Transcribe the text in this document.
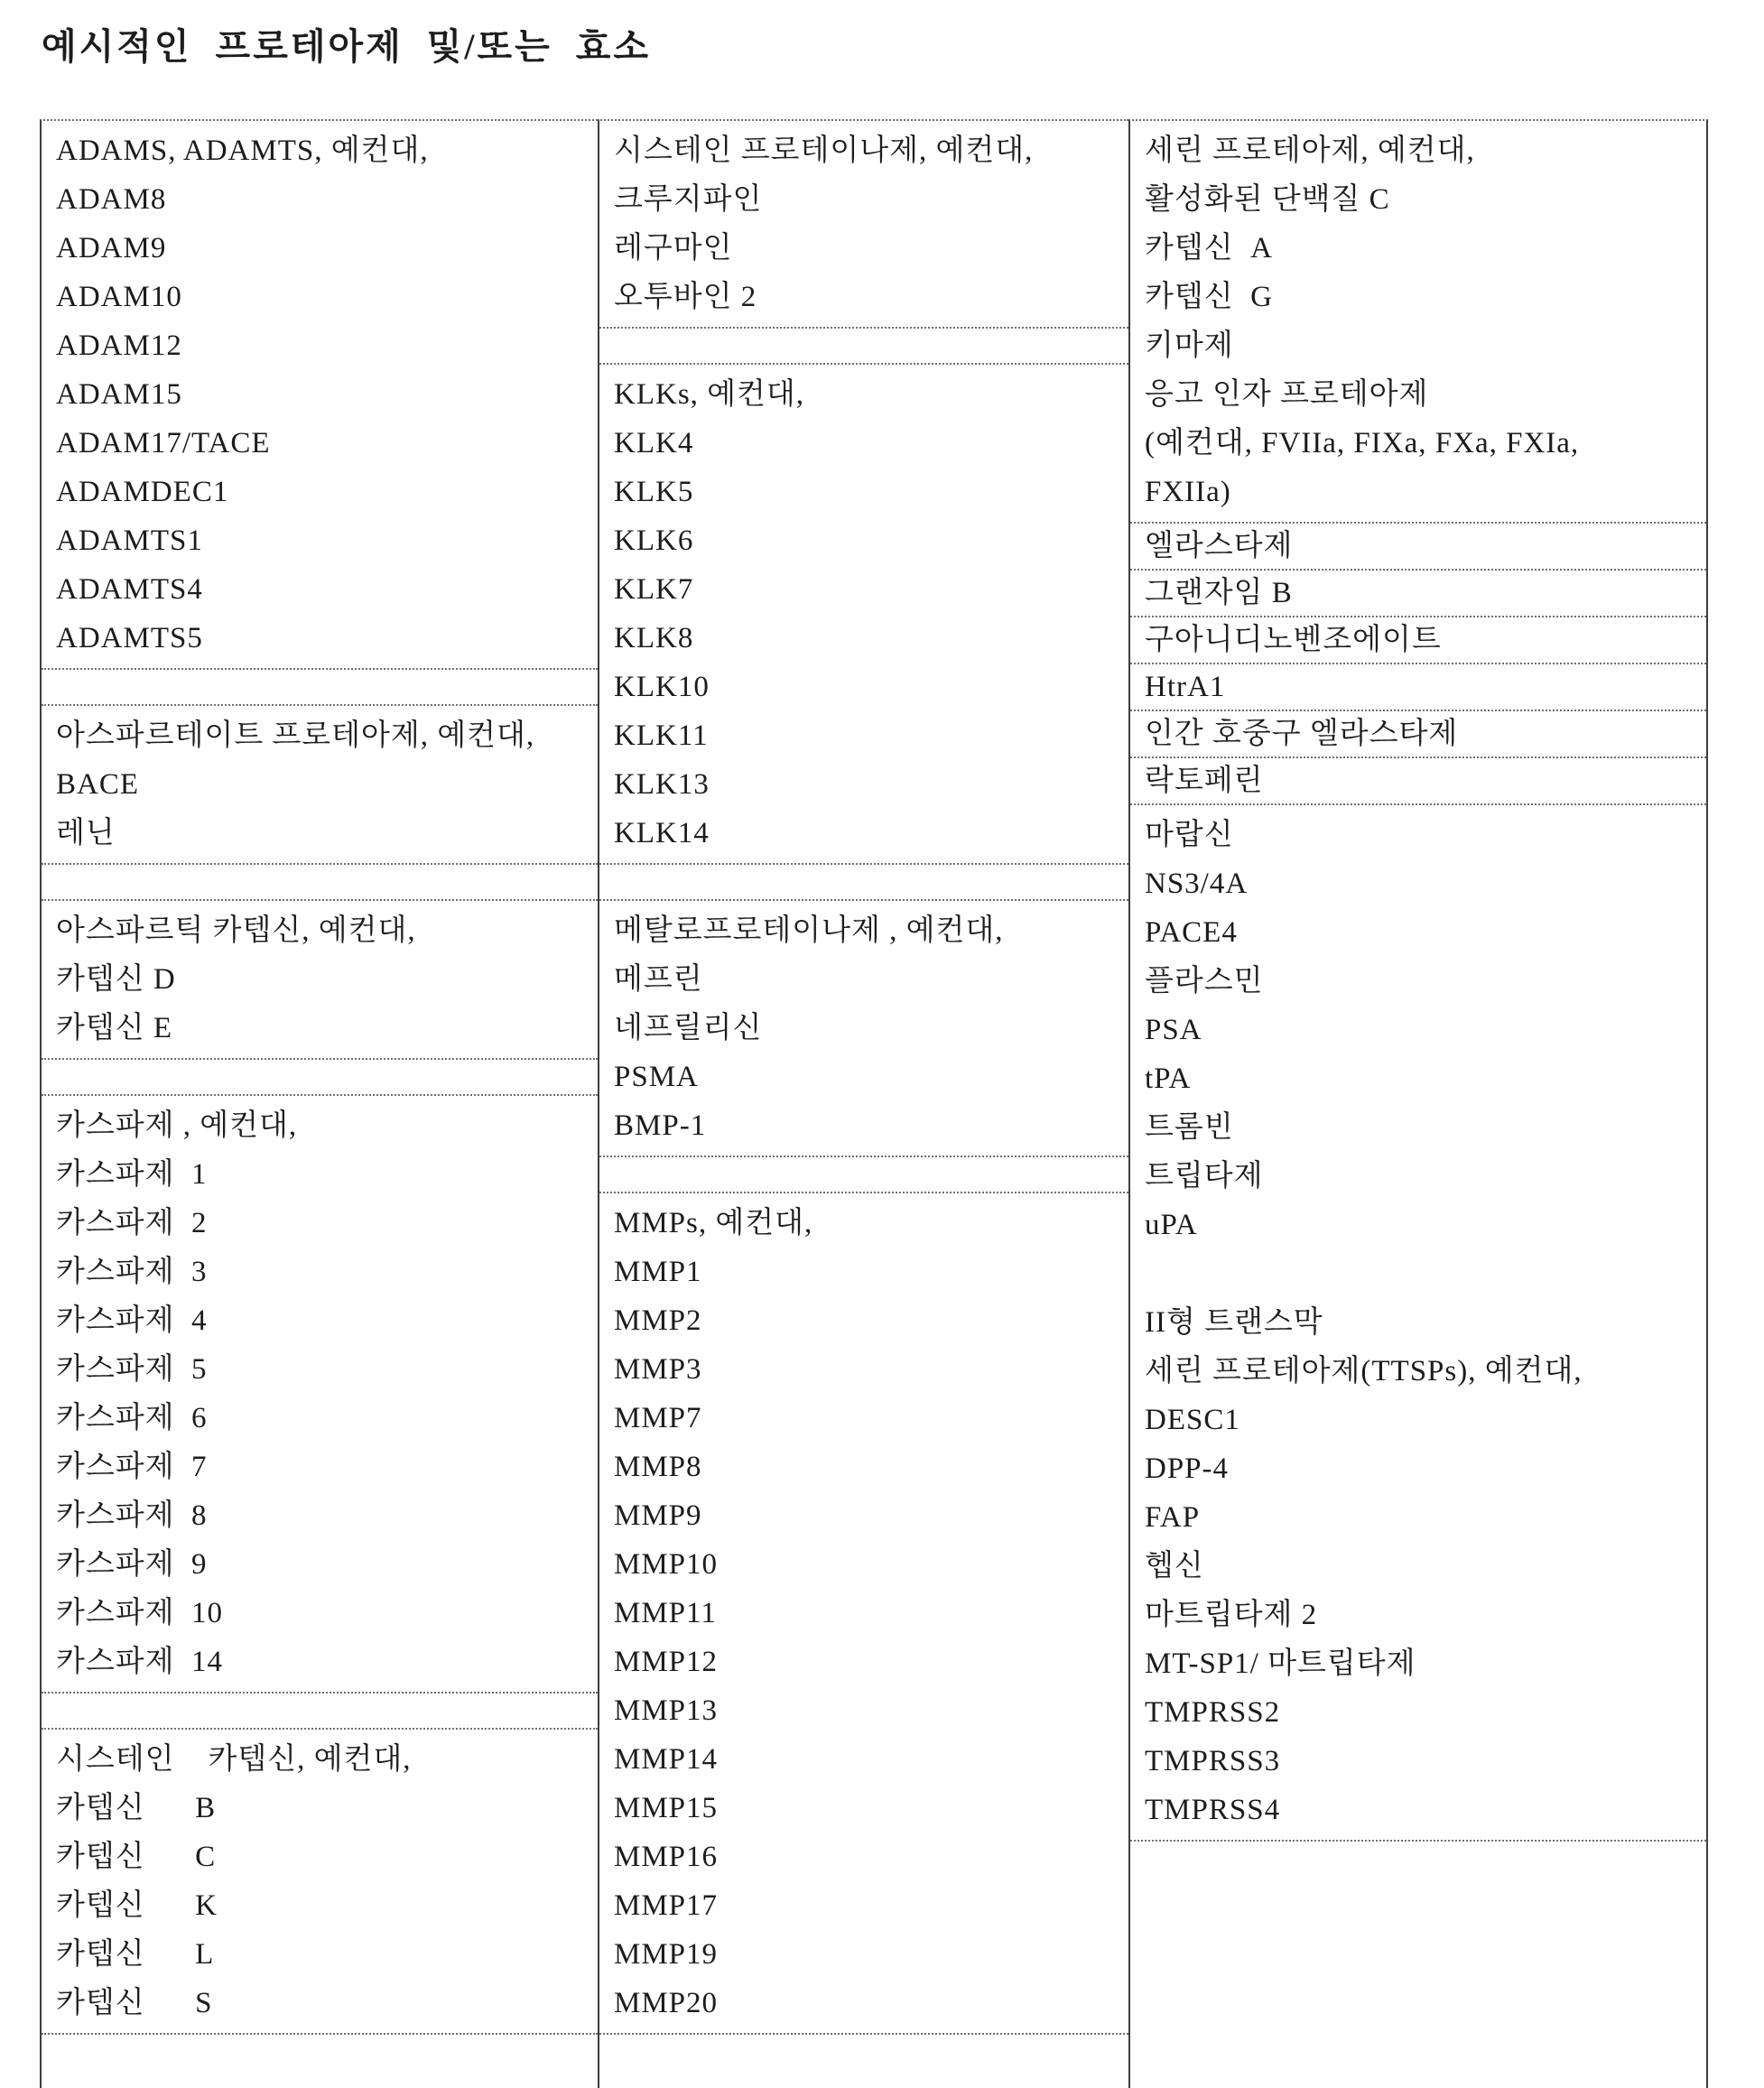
예시적인  프로테아제  및/또는  효소
ADAMS, ADAMTS, 예컨대,
ADAM8
ADAM9
ADAM10
ADAM12
ADAM15
ADAM17/TACE
ADAMDEC1
ADAMTS1
ADAMTS4
ADAMTS5
아스파르테이트 프로테아제, 예컨대,
BACE
레닌
아스파르틱 카텝신, 예컨대,
카텝신 D
카텝신 E
카스파제 , 예컨대,
카스파제  1
카스파제  2
카스파제  3
카스파제  4
카스파제  5
카스파제  6
카스파제  7
카스파제  8
카스파제  9
카스파제  10
카스파제  14
시스테인    카텝신, 예컨대,
카텝신      B
카텝신      C
카텝신      K
카텝신      L
카텝신      S
시스테인 프로테이나제, 예컨대,
크루지파인
레구마인
오투바인 2
KLKs, 예컨대,
KLK4
KLK5
KLK6
KLK7
KLK8
KLK10
KLK11
KLK13
KLK14
메탈로프로테이나제 , 예컨대,
메프린
네프릴리신
PSMA
BMP-1
MMPs, 예컨대,
MMP1
MMP2
MMP3
MMP7
MMP8
MMP9
MMP10
MMP11
MMP12
MMP13
MMP14
MMP15
MMP16
MMP17
MMP19
MMP20
세린 프로테아제, 예컨대,
활성화된 단백질 C
카텝신  A
카텝신  G
키마제
응고 인자 프로테아제
(예컨대, FVIIa, FIXa, FXa, FXIa,
FXIIa)
엘라스타제
그랜자임 B
구아니디노벤조에이트
HtrA1
인간 호중구 엘라스타제
락토페린
마랍신
NS3/4A
PACE4
플라스민
PSA
tPA
트롬빈
트립타제
uPA
II형 트랜스막
세린 프로테아제(TTSPs), 예컨대,
DESC1
DPP-4
FAP
헵신
마트립타제 2
MT-SP1/ 마트립타제
TMPRSS2
TMPRSS3
TMPRSS4
